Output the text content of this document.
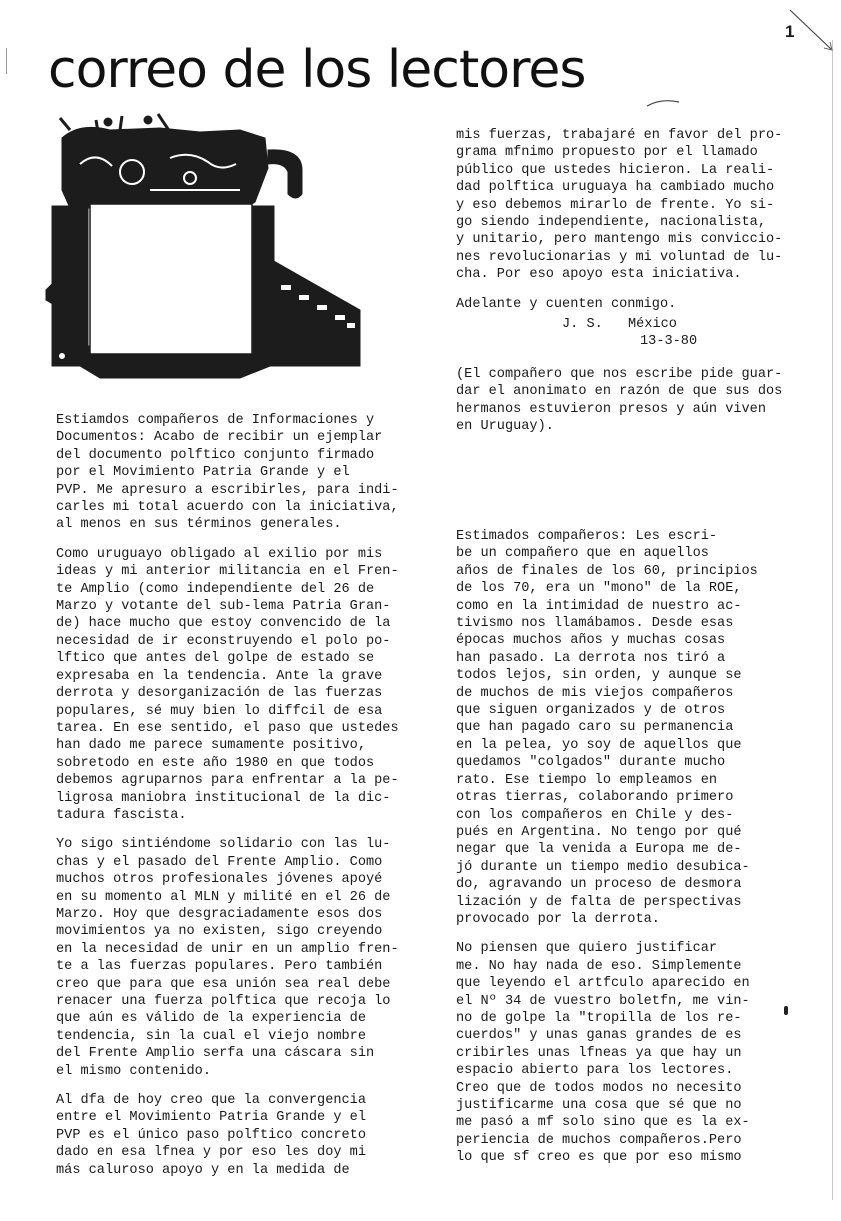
1
correo de los lectores

Estiamdos compañeros de Informaciones y
Documentos: Acabo de recibir un ejemplar
del documento polftico conjunto firmado
por el Movimiento Patria Grande y el
PVP. Me apresuro a escribirles, para indi-
carles mi total acuerdo con la iniciativa,
al menos en sus términos generales.

Como uruguayo obligado al exilio por mis
ideas y mi anterior militancia en el Fren-
te Amplio (como independiente del 26 de
Marzo y votante del sub-lema Patria Gran-
de) hace mucho que estoy convencido de la
necesidad de ir econstruyendo el polo po-
lftico que antes del golpe de estado se
expresaba en la tendencia. Ante la grave
derrota y desorganización de las fuerzas
populares, sé muy bien lo diffcil de esa
tarea. En ese sentido, el paso que ustedes
han dado me parece sumamente positivo,
sobretodo en este año 1980 en que todos
debemos agruparnos para enfrentar a la pe-
ligrosa maniobra institucional de la dic-
tadura fascista.

Yo sigo sintiéndome solidario con las lu-
chas y el pasado del Frente Amplio. Como
muchos otros profesionales jóvenes apoyé
en su momento al MLN y milité en el 26 de
Marzo. Hoy que desgraciadamente esos dos
movimientos ya no existen, sigo creyendo
en la necesidad de unir en un amplio fren-
te a las fuerzas populares. Pero también
creo que para que esa unión sea real debe
renacer una fuerza polftica que recoja lo
que aún es válido de la experiencia de
tendencia, sin la cual el viejo nombre
del Frente Amplio serfa una cáscara sin
el mismo contenido.

Al dfa de hoy creo que la convergencia
entre el Movimiento Patria Grande y el
PVP es el único paso polftico concreto
dado en esa lfnea y por eso les doy mi
más caluroso apoyo y en la medida de

mis fuerzas, trabajaré en favor del pro-
grama mfnimo propuesto por el llamado
público que ustedes hicieron. La reali-
dad polftica uruguaya ha cambiado mucho
y eso debemos mirarlo de frente. Yo si-
go siendo independiente, nacionalista,
y unitario, pero mantengo mis conviccio-
nes revolucionarias y mi voluntad de lu-
cha. Por eso apoyo esta iniciativa.

Adelante y cuenten conmigo.

J. S. México
13-3-80

(El compañero que nos escribe pide guar-
dar el anonimato en razón de que sus dos
hermanos estuvieron presos y aún viven
en Uruguay).

Estimados compañeros: Les escri-
be un compañero que en aquellos
años de finales de los 60, principios
de los 70, era un "mono" de la ROE,
como en la intimidad de nuestro ac-
tivismo nos llamábamos. Desde esas
épocas muchos años y muchas cosas
han pasado. La derrota nos tiró a
todos lejos, sin orden, y aunque se
de muchos de mis viejos compañeros
que siguen organizados y de otros
que han pagado caro su permanencia
en la pelea, yo soy de aquellos que
quedamos "colgados" durante mucho
rato. Ese tiempo lo empleamos en
otras tierras, colaborando primero
con los compañeros en Chile y des-
pués en Argentina. No tengo por qué
negar que la venida a Europa me de-
jó durante un tiempo medio desubica-
do, agravando un proceso de desmora
lización y de falta de perspectivas
provocado por la derrota.

No piensen que quiero justificar
me. No hay nada de eso. Simplemente
que leyendo el artfculo aparecido en
el Nº 34 de vuestro boletfn, me vin-
no de golpe la "tropilla de los re-
cuerdos" y unas ganas grandes de es
cribirles unas lfneas ya que hay un
espacio abierto para los lectores.
Creo que de todos modos no necesito
justificarme una cosa que sé que no
me pasó a mf solo sino que es la ex-
periencia de muchos compañeros.Pero
lo que sf creo es que por eso mismo
